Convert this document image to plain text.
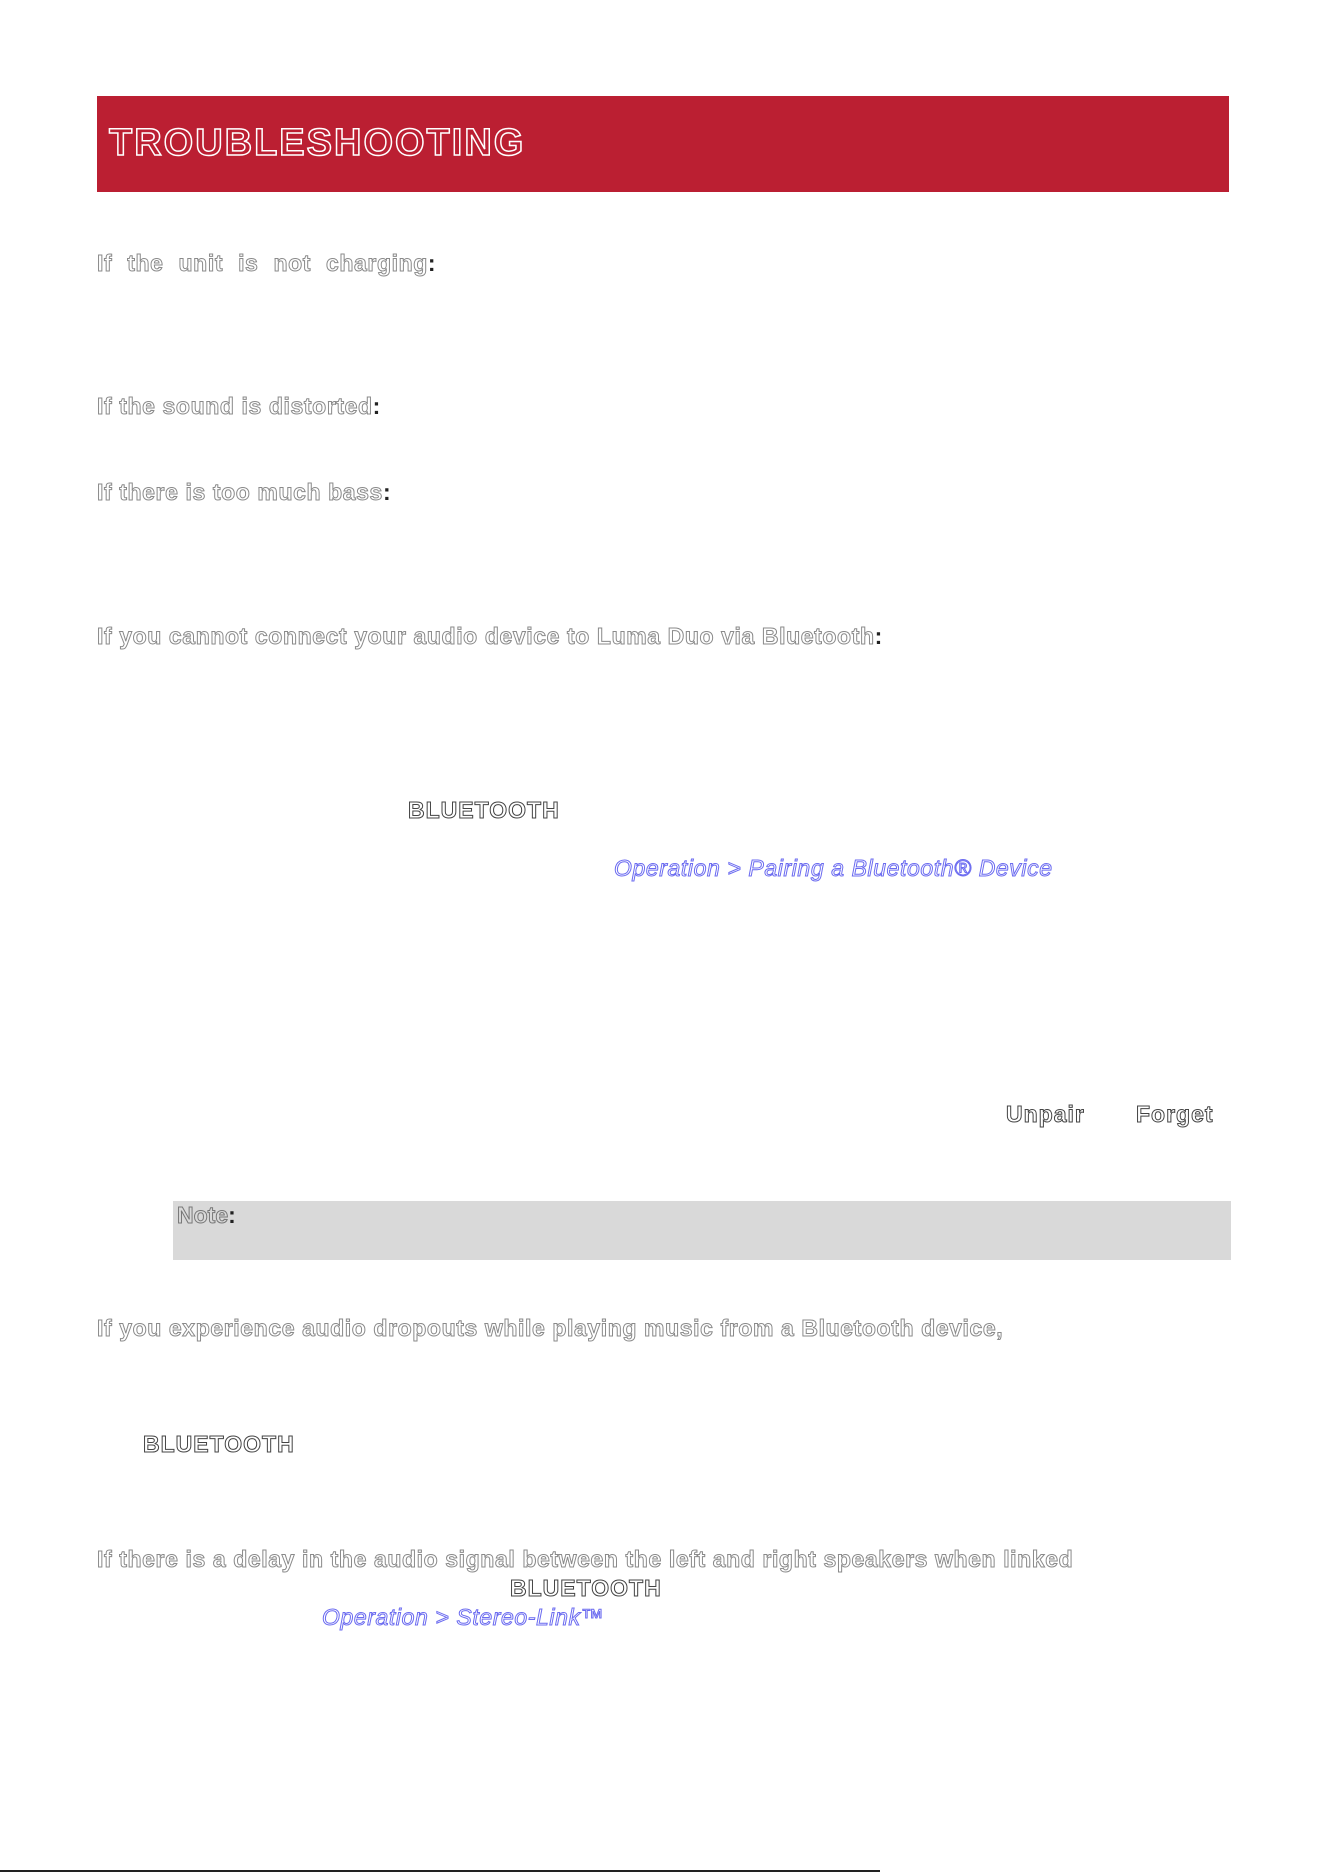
TROUBLESHOOTING
If the unit is not charging:
If the sound is distorted:
If there is too much bass:
If you cannot connect your audio device to Luma Duo via Bluetooth:
BLUETOOTH
Operation > Pairing a Bluetooth® Device
Unpair Forget
Note:
If you experience audio dropouts while playing music from a Bluetooth device,
BLUETOOTH
If there is a delay in the audio signal between the left and right speakers when linked
BLUETOOTH
Operation > Stereo-Link™
